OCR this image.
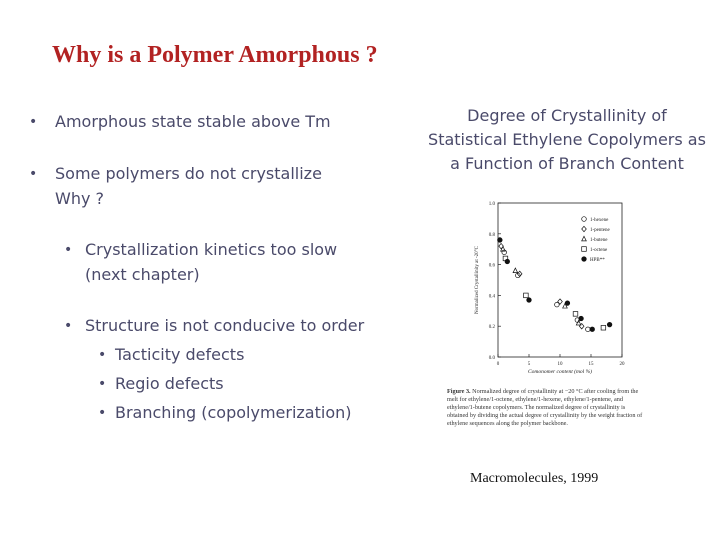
Why is a Polymer Amorphous ?
• Amorphous state stable above Tm
• Some polymers do not crystallize
Why ?
• Crystallization kinetics too slow
(next chapter)
• Structure is not conducive to order
• Tacticity defects
• Regio defects
• Branching (copolymerization)
Degree of Crystallinity of
Statistical Ethylene Copolymers as
a Function of Branch Content
0.0
0.2
0.4
0.6
0.8
1.0
0	5	10	15	20
Comonomer content (mol %)
Normalized Crystallinity at -20°C
1-hexene
1-pentene
1-butene
1-octene
HPB**
Figure 3. Normalized degree of crystallinity at −20 °C after cooling from the melt for ethylene/1-octene, ethylene/1-hexene, ethylene/1-pentene, and ethylene/1-butene copolymers. The normalized degree of crystallinity is obtained by dividing the actual degree of crystallinity by the weight fraction of ethylene sequences along the polymer backbone.
Macromolecules, 1999
